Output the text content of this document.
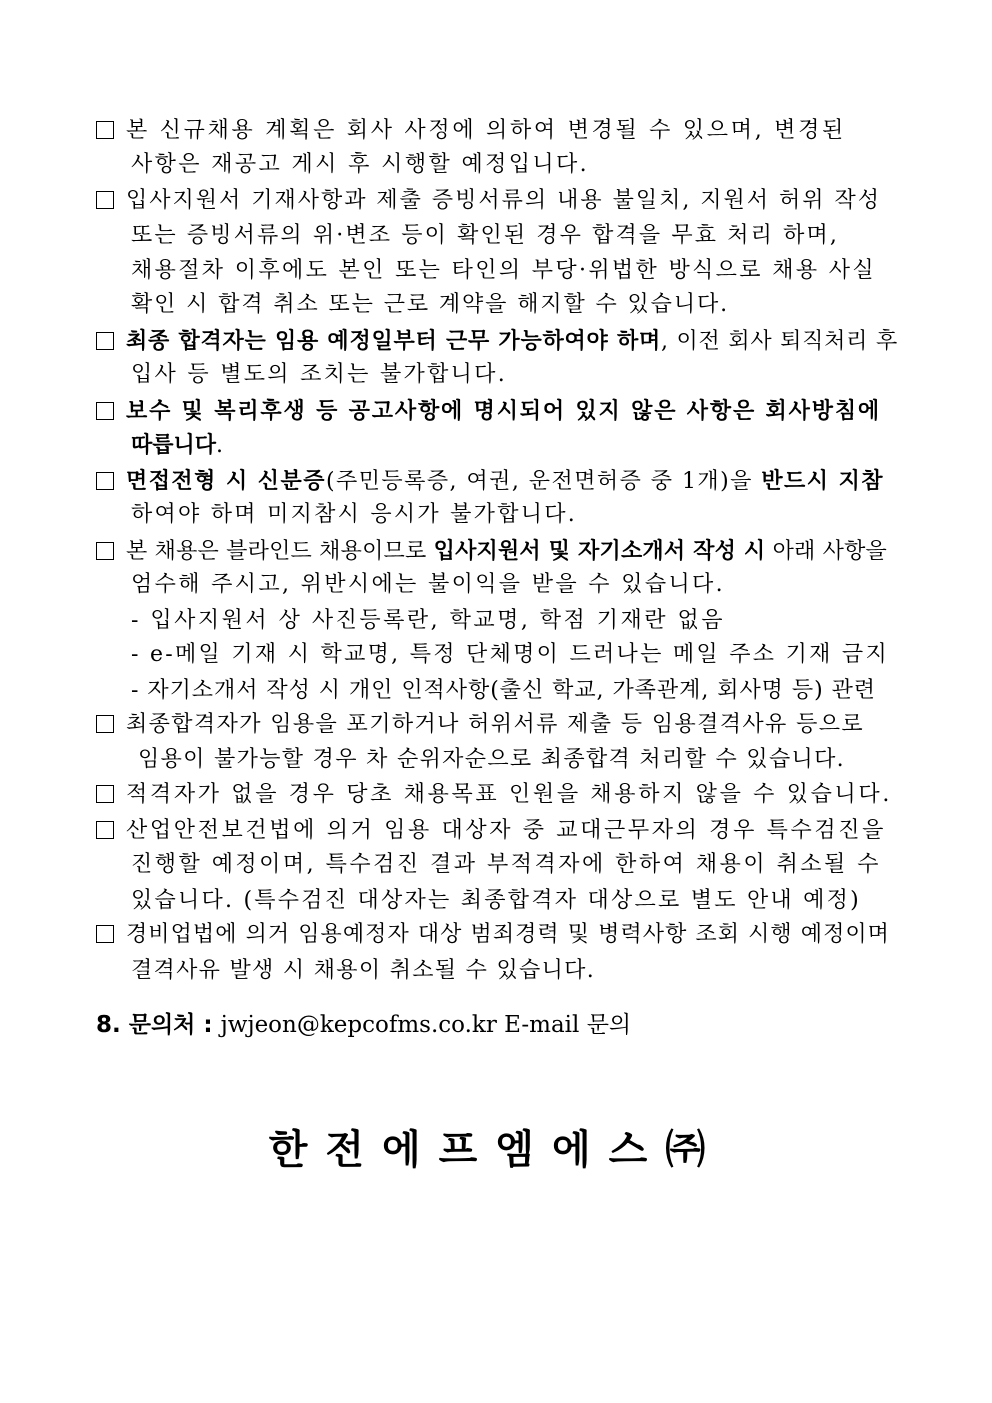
본 신규채용 계획은 회사 사정에 의하여 변경될 수 있으며, 변경된
사항은 재공고 게시 후 시행할 예정입니다.
입사지원서 기재사항과 제출 증빙서류의 내용 불일치, 지원서 허위 작성
또는 증빙서류의 위·변조 등이 확인된 경우 합격을 무효 처리 하며,
채용절차 이후에도 본인 또는 타인의 부당·위법한 방식으로 채용 사실
확인 시 합격 취소 또는 근로 계약을 해지할 수 있습니다.
최종 합격자는 임용 예정일부터 근무 가능하여야 하며, 이전 회사 퇴직처리 후
입사 등 별도의 조치는 불가합니다.
보수 및 복리후생 등 공고사항에 명시되어 있지 않은 사항은 회사방침에
따릅니다.
면접전형 시 신분증(주민등록증, 여권, 운전면허증 중 1개)을 반드시 지참
하여야 하며 미지참시 응시가 불가합니다.
본 채용은 블라인드 채용이므로 입사지원서 및 자기소개서 작성 시 아래 사항을
엄수해 주시고, 위반시에는 불이익을 받을 수 있습니다.
- 입사지원서 상 사진등록란, 학교명, 학점 기재란 없음
- e-메일 기재 시 학교명, 특정 단체명이 드러나는 메일 주소 기재 금지
- 자기소개서 작성 시 개인 인적사항(출신 학교, 가족관계, 회사명 등) 관련
최종합격자가 임용을 포기하거나 허위서류 제출 등 임용결격사유 등으로
임용이 불가능할 경우 차 순위자순으로 최종합격 처리할 수 있습니다.
적격자가 없을 경우 당초 채용목표 인원을 채용하지 않을 수 있습니다.
산업안전보건법에 의거 임용 대상자 중 교대근무자의 경우 특수검진을
진행할 예정이며, 특수검진 결과 부적격자에 한하여 채용이 취소될 수
있습니다. (특수검진 대상자는 최종합격자 대상으로 별도 안내 예정)
경비업법에 의거 임용예정자 대상 범죄경력 및 병력사항 조회 시행 예정이며
결격사유 발생 시 채용이 취소될 수 있습니다.
8. 문의처 : jwjeon@kepcofms.co.kr E-mail 문의
한전에프엠에스㈜
